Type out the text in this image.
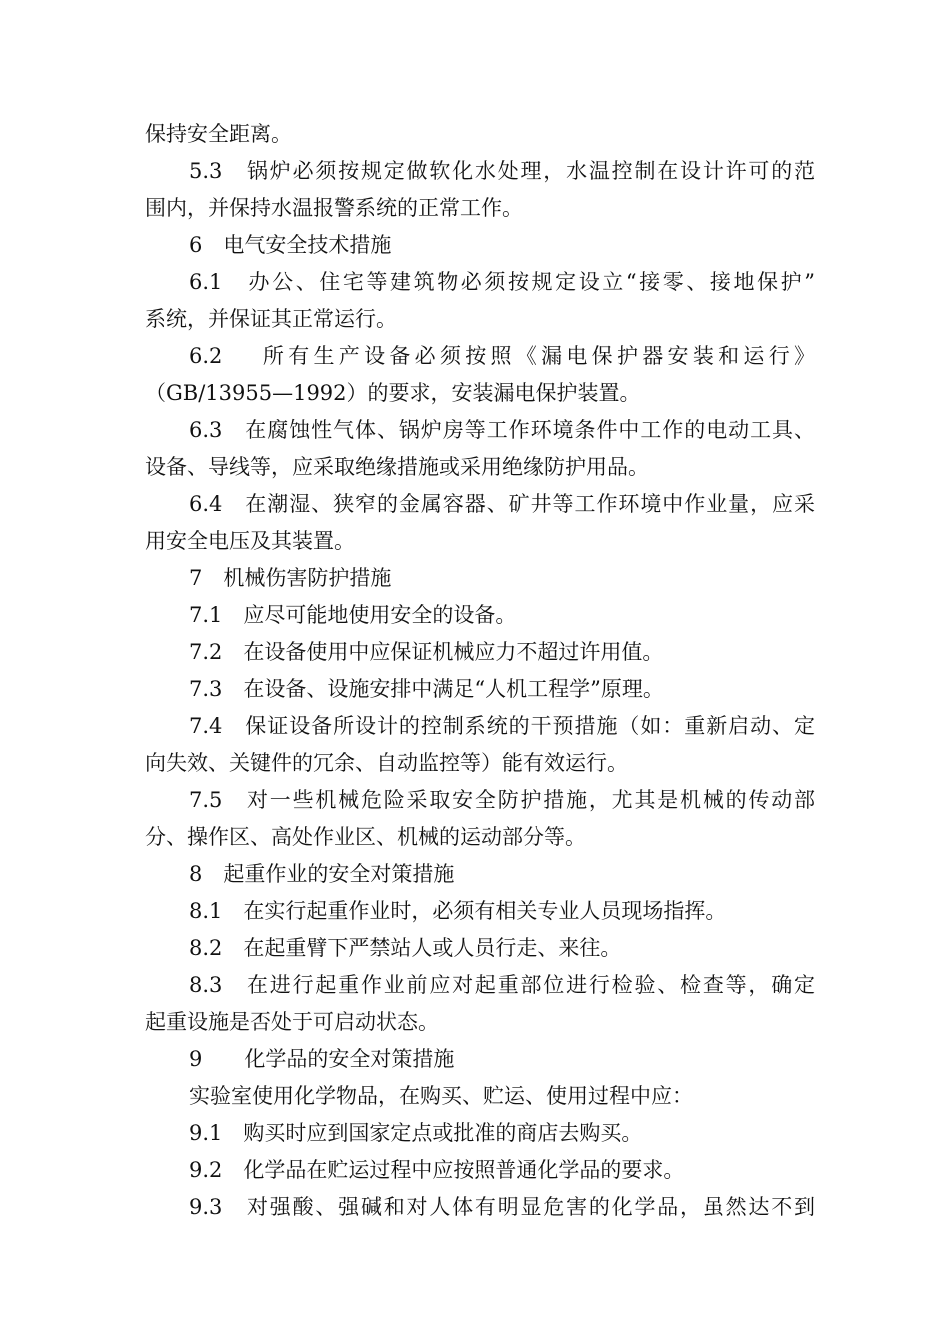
保持安全距离。
5.3　锅炉必须按规定做软化水处理，水温控制在设计许可的范
围内，并保持水温报警系统的正常工作。
6　电气安全技术措施
6.1　办公、住宅等建筑物必须按规定设立“接零、接地保护”
系统，并保证其正常运行。
6.2　 所有生产设备必须按照《漏电保护器安装和运行》
（GB/13955—1992）的要求，安装漏电保护装置。
6.3　在腐蚀性气体、锅炉房等工作环境条件中工作的电动工具、
设备、导线等，应采取绝缘措施或采用绝缘防护用品。
6.4　在潮湿、狭窄的金属容器、矿井等工作环境中作业量，应采
用安全电压及其装置。
7　机械伤害防护措施
7.1　应尽可能地使用安全的设备。
7.2　在设备使用中应保证机械应力不超过许用值。
7.3　在设备、设施安排中满足“人机工程学”原理。
7.4　保证设备所设计的控制系统的干预措施（如：重新启动、定
向失效、关键件的冗余、自动监控等）能有效运行。
7.5　对一些机械危险采取安全防护措施，尤其是机械的传动部
分、操作区、高处作业区、机械的运动部分等。
8　起重作业的安全对策措施
8.1　在实行起重作业时，必须有相关专业人员现场指挥。
8.2　在起重臂下严禁站人或人员行走、来往。
8.3　在进行起重作业前应对起重部位进行检验、检查等，确定
起重设施是否处于可启动状态。
9　　化学品的安全对策措施
实验室使用化学物品，在购买、贮运、使用过程中应：
9.1　购买时应到国家定点或批准的商店去购买。
9.2　化学品在贮运过程中应按照普通化学品的要求。
9.3　对强酸、强碱和对人体有明显危害的化学品，虽然达不到
